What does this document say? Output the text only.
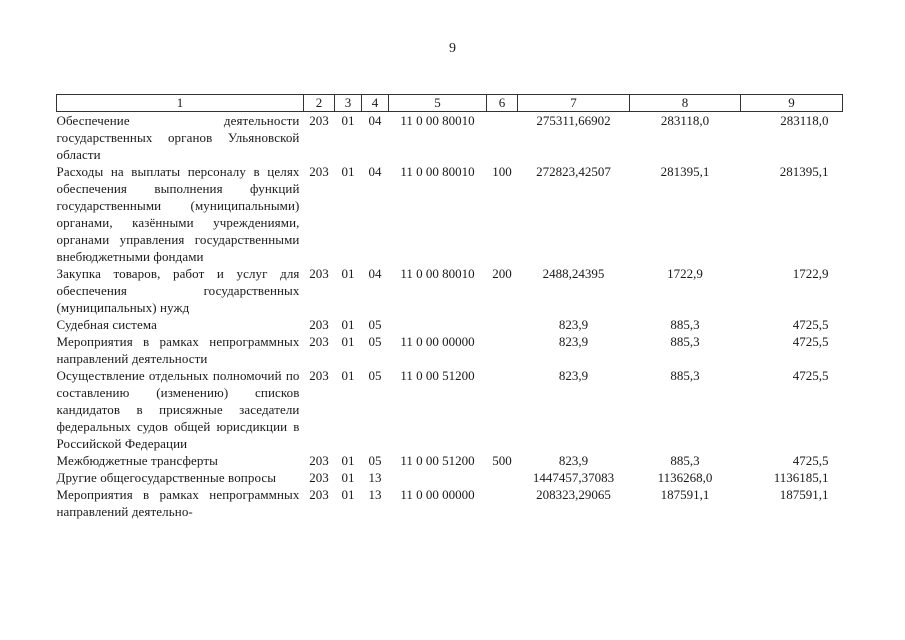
9
1	2	3	4	5	6	7	8	9
Обеспечение деятельности государственных органов Ульяновской области	203	01	04	11 0 00 80010		275311,66902	283118,0	283118,0
Расходы на выплаты персоналу в целях обеспечения выполнения функций государственными (муниципальными) органами, казёнными учреждениями, органами управления государственными внебюджетными фондами	203	01	04	11 0 00 80010	100	272823,42507	281395,1	281395,1
Закупка товаров, работ и услуг для обеспечения государственных (муниципальных) нужд	203	01	04	11 0 00 80010	200	2488,24395	1722,9	1722,9
Судебная система	203	01	05			823,9	885,3	4725,5
Мероприятия в рамках непрограммных направлений деятельности	203	01	05	11 0 00 00000		823,9	885,3	4725,5
Осуществление отдельных полномочий по составлению (изменению) списков кандидатов в присяжные заседатели федеральных судов общей юрисдикции в Российской Федерации	203	01	05	11 0 00 51200		823,9	885,3	4725,5
Межбюджетные трансферты	203	01	05	11 0 00 51200	500	823,9	885,3	4725,5
Другие общегосударственные вопросы	203	01	13			1447457,37083	1136268,0	1136185,1
Мероприятия в рамках непрограммных направлений деятельно-	203	01	13	11 0 00 00000		208323,29065	187591,1	187591,1
